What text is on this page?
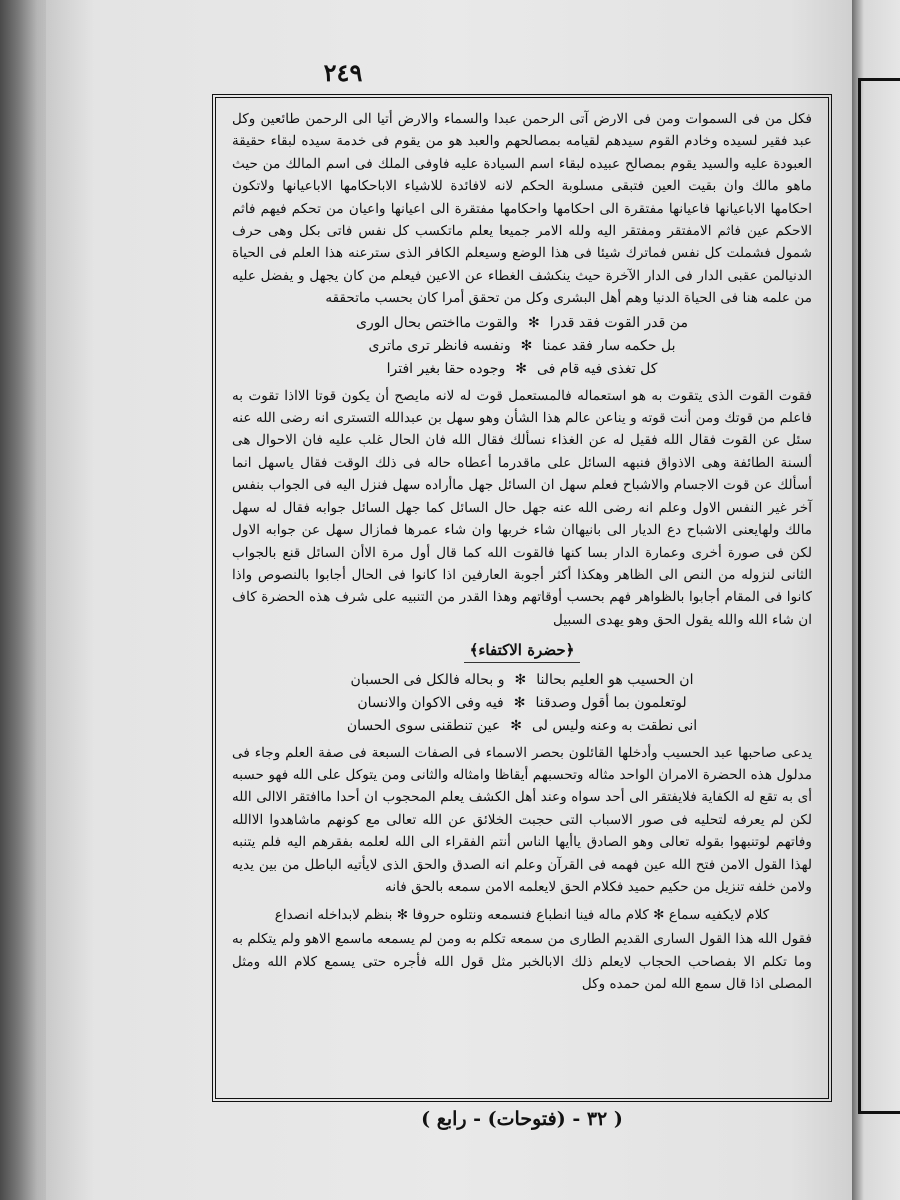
٢٤٩

فكل من فى السموات ومن فى الارض آتى الرحمن عبدا والسماء والارض أتيا الى الرحمن طائعين وكل عبد فقير لسيده وخادم القوم سيدهم لقيامه بمصالحهم والعبد هو من يقوم فى خدمة سيده لبقاء حقيقة العبودة عليه والسيد يقوم بمصالح عبيده لبقاء اسم السيادة عليه فاوفى الملك فى اسم المالك من حيث ماهو مالك وان بقيت العين فتبقى مسلوبة الحكم لانه لافائدة للاشياء الاباحكامها الاباعيانها ولاتكون احكامها الاباعيانها فاعيانها مفتقرة الى احكامها واحكامها مفتقرة الى اعيانها واعيان من تحكم فيهم فاثم الاحكم عين فاثم الامفتقر ومفتقر اليه ولله الامر جميعا يعلم ماتكسب كل نفس فاتى بكل وهى حرف شمول فشملت كل نفس فماترك شيئا فى هذا الوضع وسيعلم الكافر الذى سترعنه هذا العلم فى الحياة الدنيالمن عقبى الدار فى الدار الآخرة حيث ينكشف الغطاء عن الاعين فيعلم من كان يجهل و يفضل عليه من علمه هنا فى الحياة الدنيا وهم أهل البشرى وكل من تحقق أمرا كان بحسب ماتحققه

من قدر القوت فقد قدرا
✻
والقوت مااختص بحال الورى
بل حكمه سار فقد عمنا
✻
ونفسه فانظر ترى ماترى
كل تغذى فيه قام فى
✻
وجوده حقا بغير افترا

فقوت القوت الذى يتقوت به هو استعماله فالمستعمل قوت له لانه مايصح أن يكون قوتا الااذا تقوت به فاعلم من قوتك ومن أنت قوته و يناعن عالم هذا الشأن وهو سهل بن عبدالله التسترى انه رضى الله عنه سئل عن القوت فقال الله فقيل له عن الغذاء نسألك فقال الله فان الحال غلب عليه فان الاحوال هى ألسنة الطائفة وهى الاذواق فنبهه السائل على ماقدرما أعطاه حاله فى ذلك الوقت فقال ياسهل انما أسألك عن قوت الاجسام والاشباح فعلم سهل ان السائل جهل ماأراده سهل فنزل اليه فى الجواب بنفس آخر غير النفس الاول وعلم انه رضى الله عنه جهل حال السائل كما جهل السائل جوابه فقال له سهل مالك ولهايعنى الاشباح دع الديار الى بانيهاان شاء خربها وان شاء عمرها فمازال سهل عن جوابه الاول لكن فى صورة أخرى وعمارة الدار بسا كنها فالقوت الله كما قال أول مرة الاأن السائل قنع بالجواب الثانى لنزوله من النص الى الظاهر وهكذا أكثر أجوبة العارفين اذا كانوا فى الحال أجابوا بالنصوص واذا كانوا فى المقام أجابوا بالظواهر فهم بحسب أوقاتهم وهذا القدر من التنبيه على شرف هذه الحضرة كاف ان شاء الله والله يقول الحق وهو يهدى السبيل

﴿حضرة الاكتفاء﴾
ان الحسيب هو العليم بحالنا
✻
و بحاله فالكل فى الحسبان
لوتعلمون بما أقول وصدقنا
✻
فيه وفى الاكوان والانسان
انى نطقت به وعنه وليس لى
✻
عين تنطقنى سوى الحسان

يدعى صاحبها عبد الحسيب وأدخلها القائلون بحصر الاسماء فى الصفات السبعة فى صفة العلم وجاء فى مدلول هذه الحضرة الامران الواحد مثاله وتحسبهم أيقاظا وامثاله والثانى ومن يتوكل على الله فهو حسبه أى به تقع له الكفاية فلايفتقر الى أحد سواه وعند أهل الكشف يعلم المحجوب ان أحدا ماافتقر الاالى الله لكن لم يعرفه لتحليه فى صور الاسباب التى حجبت الخلائق عن الله تعالى مع كونهم ماشاهدوا الاالله وفاتهم لوتنبهوا بقوله تعالى وهو الصادق ياأيها الناس أنتم الفقراء الى الله لعلمه بفقرهم اليه فلم يتنبه لهذا القول الامن فتح الله عين فهمه فى القرآن وعلم انه الصدق والحق الذى لايأتيه الباطل من بين يديه ولامن خلفه تنزيل من حكيم حميد فكلام الحق لايعلمه الامن سمعه بالحق فانه

كلام لايكفيه سماع ✻ كلام ماله فينا انطباع فنسمعه ونتلوه حروفا ✻ بنظم لابداخله انصداع

فقول الله هذا القول السارى القديم الطارى من سمعه تكلم به ومن لم يسمعه ماسمع الاهو ولم يتكلم به وما تكلم الا بفصاحب الحجاب لايعلم ذلك الابالخبر مثل قول الله فأجره حتى يسمع كلام الله ومثل المصلى اذا قال سمع الله لمن حمده وكل

( ٣٢ - (فتوحات) - رابع )
